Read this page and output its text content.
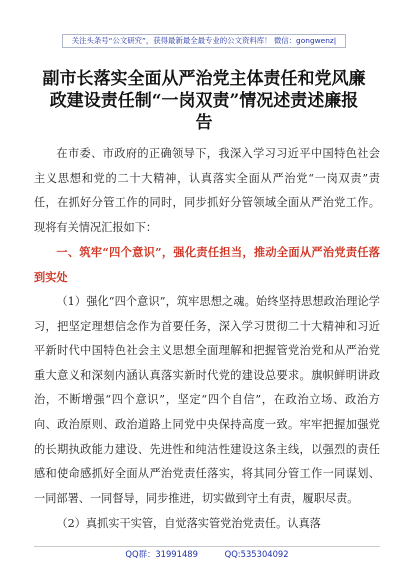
关注头条号“公文研究”，获得最新最全最专业的公文资料库！ 微信：gongwenz|
副市长落实全面从严治党主体责任和党风廉政建设责任制“一岗双责”情况述责述廉报告
在市委、市政府的正确领导下，我深入学习习近平中国特色社会主义思想和党的二十大精神，认真落实全面从严治党“一岗双责”责任，在抓好分管工作的同时，同步抓好分管领域全面从严治党工作。现将有关情况汇报如下：
一、筑牢“四个意识”，强化责任担当，推动全面从严治党责任落到实处
（1）强化“四个意识”，筑牢思想之魂。始终坚持思想政治理论学习，把坚定理想信念作为首要任务，深入学习贯彻二十大精神和习近平新时代中国特色社会主义思想全面理解和把握管党治党和从严治党重大意义和深刻内涵认真落实新时代党的建设总要求。旗帜鲜明讲政治，不断增强“四个意识”，坚定“四个自信”，在政治立场、政治方向、政治原则、政治道路上同党中央保持高度一致。牢牢把握加强党的长期执政能力建设、先进性和纯洁性建设这条主线，以强烈的责任感和使命感抓好全面从严治党责任落实，将其同分管工作一同谋划、一同部署、一同督导，同步推进，切实做到守土有责，履职尽责。
（2）真抓实干实管，自觉落实管党治党责任。认真落
QQ群：31991489	QQ:535304092
